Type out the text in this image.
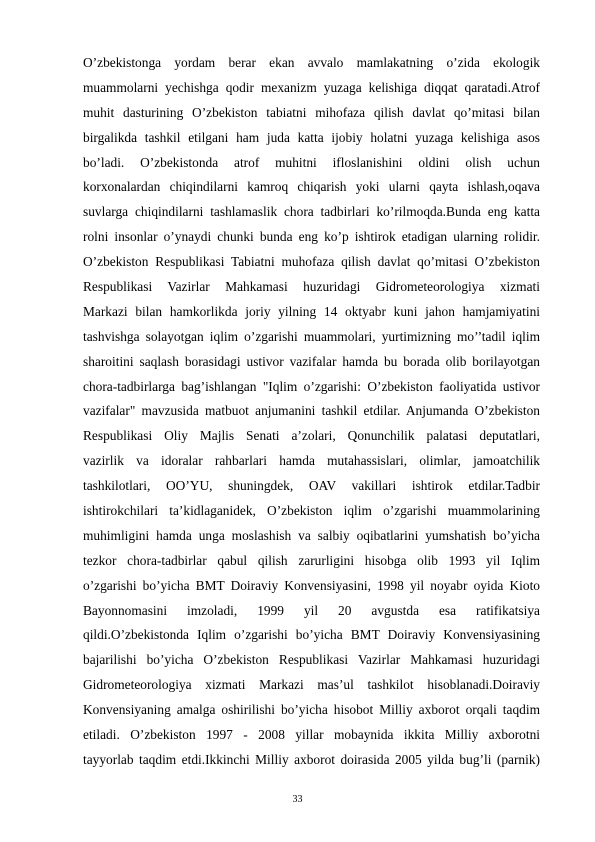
O’zbekistonga yordam berar ekan avvalo mamlakatning o’zida ekologik
muammolarni yechishga qodir mexanizm yuzaga kelishiga diqqat qaratadi.Atrof
muhit dasturining O’zbekiston tabiatni mihofaza qilish davlat qo’mitasi bilan
birgalikda tashkil etilgani ham juda katta ijobiy holatni yuzaga kelishiga asos
bo’ladi. O’zbekistonda atrof muhitni ifloslanishini oldini olish uchun
korxonalardan chiqindilarni kamroq chiqarish yoki ularni qayta ishlash,oqava
suvlarga chiqindilarni tashlamaslik chora tadbirlari ko’rilmoqda.Bunda eng katta
rolni insonlar o’ynaydi chunki bunda eng ko’p ishtirok etadigan ularning rolidir.
O’zbekiston Respublikasi Tabiatni muhofaza qilish davlat qo’mitasi O’zbekiston
Respublikasi Vazirlar Mahkamasi huzuridagi Gidrometeorologiya xizmati
Markazi bilan hamkorlikda joriy yilning 14 oktyabr kuni jahon hamjamiyatini
tashvishga solayotgan iqlim o’zgarishi muammolari, yurtimizning mo’’tadil iqlim
sharoitini saqlash borasidagi ustivor vazifalar hamda bu borada olib borilayotgan
chora-tadbirlarga bag’ishlangan "Iqlim o’zgarishi: O’zbekiston faoliyatida ustivor
vazifalar" mavzusida matbuot anjumanini tashkil etdilar. Anjumanda O’zbekiston
Respublikasi Oliy Majlis Senati a’zolari, Qonunchilik palatasi deputatlari,
vazirlik va idoralar rahbarlari hamda mutahassislari, olimlar, jamoatchilik
tashkilotlari, OO’YU, shuningdek, OAV vakillari ishtirok etdilar.Tadbir
ishtirokchilari ta’kidlaganidek, O’zbekiston iqlim o’zgarishi muammolarining
muhimligini hamda unga moslashish va salbiy oqibatlarini yumshatish bo’yicha
tezkor chora-tadbirlar qabul qilish zarurligini hisobga olib 1993 yil Iqlim
o’zgarishi bo’yicha BMT Doiraviy Konvensiyasini, 1998 yil noyabr oyida Kioto
Bayonnomasini imzoladi, 1999 yil 20 avgustda esa ratifikatsiya
qildi.O’zbekistonda Iqlim o’zgarishi bo’yicha BMT Doiraviy Konvensiyasining
bajarilishi bo’yicha O’zbekiston Respublikasi Vazirlar Mahkamasi huzuridagi
Gidrometeorologiya xizmati Markazi mas’ul tashkilot hisoblanadi.Doiraviy
Konvensiyaning amalga oshirilishi bo’yicha hisobot Milliy axborot orqali taqdim
etiladi. O’zbekiston 1997 - 2008 yillar mobaynida ikkita Milliy axborotni
tayyorlab taqdim etdi.Ikkinchi Milliy axborot doirasida 2005 yilda bug’li (parnik)
33
